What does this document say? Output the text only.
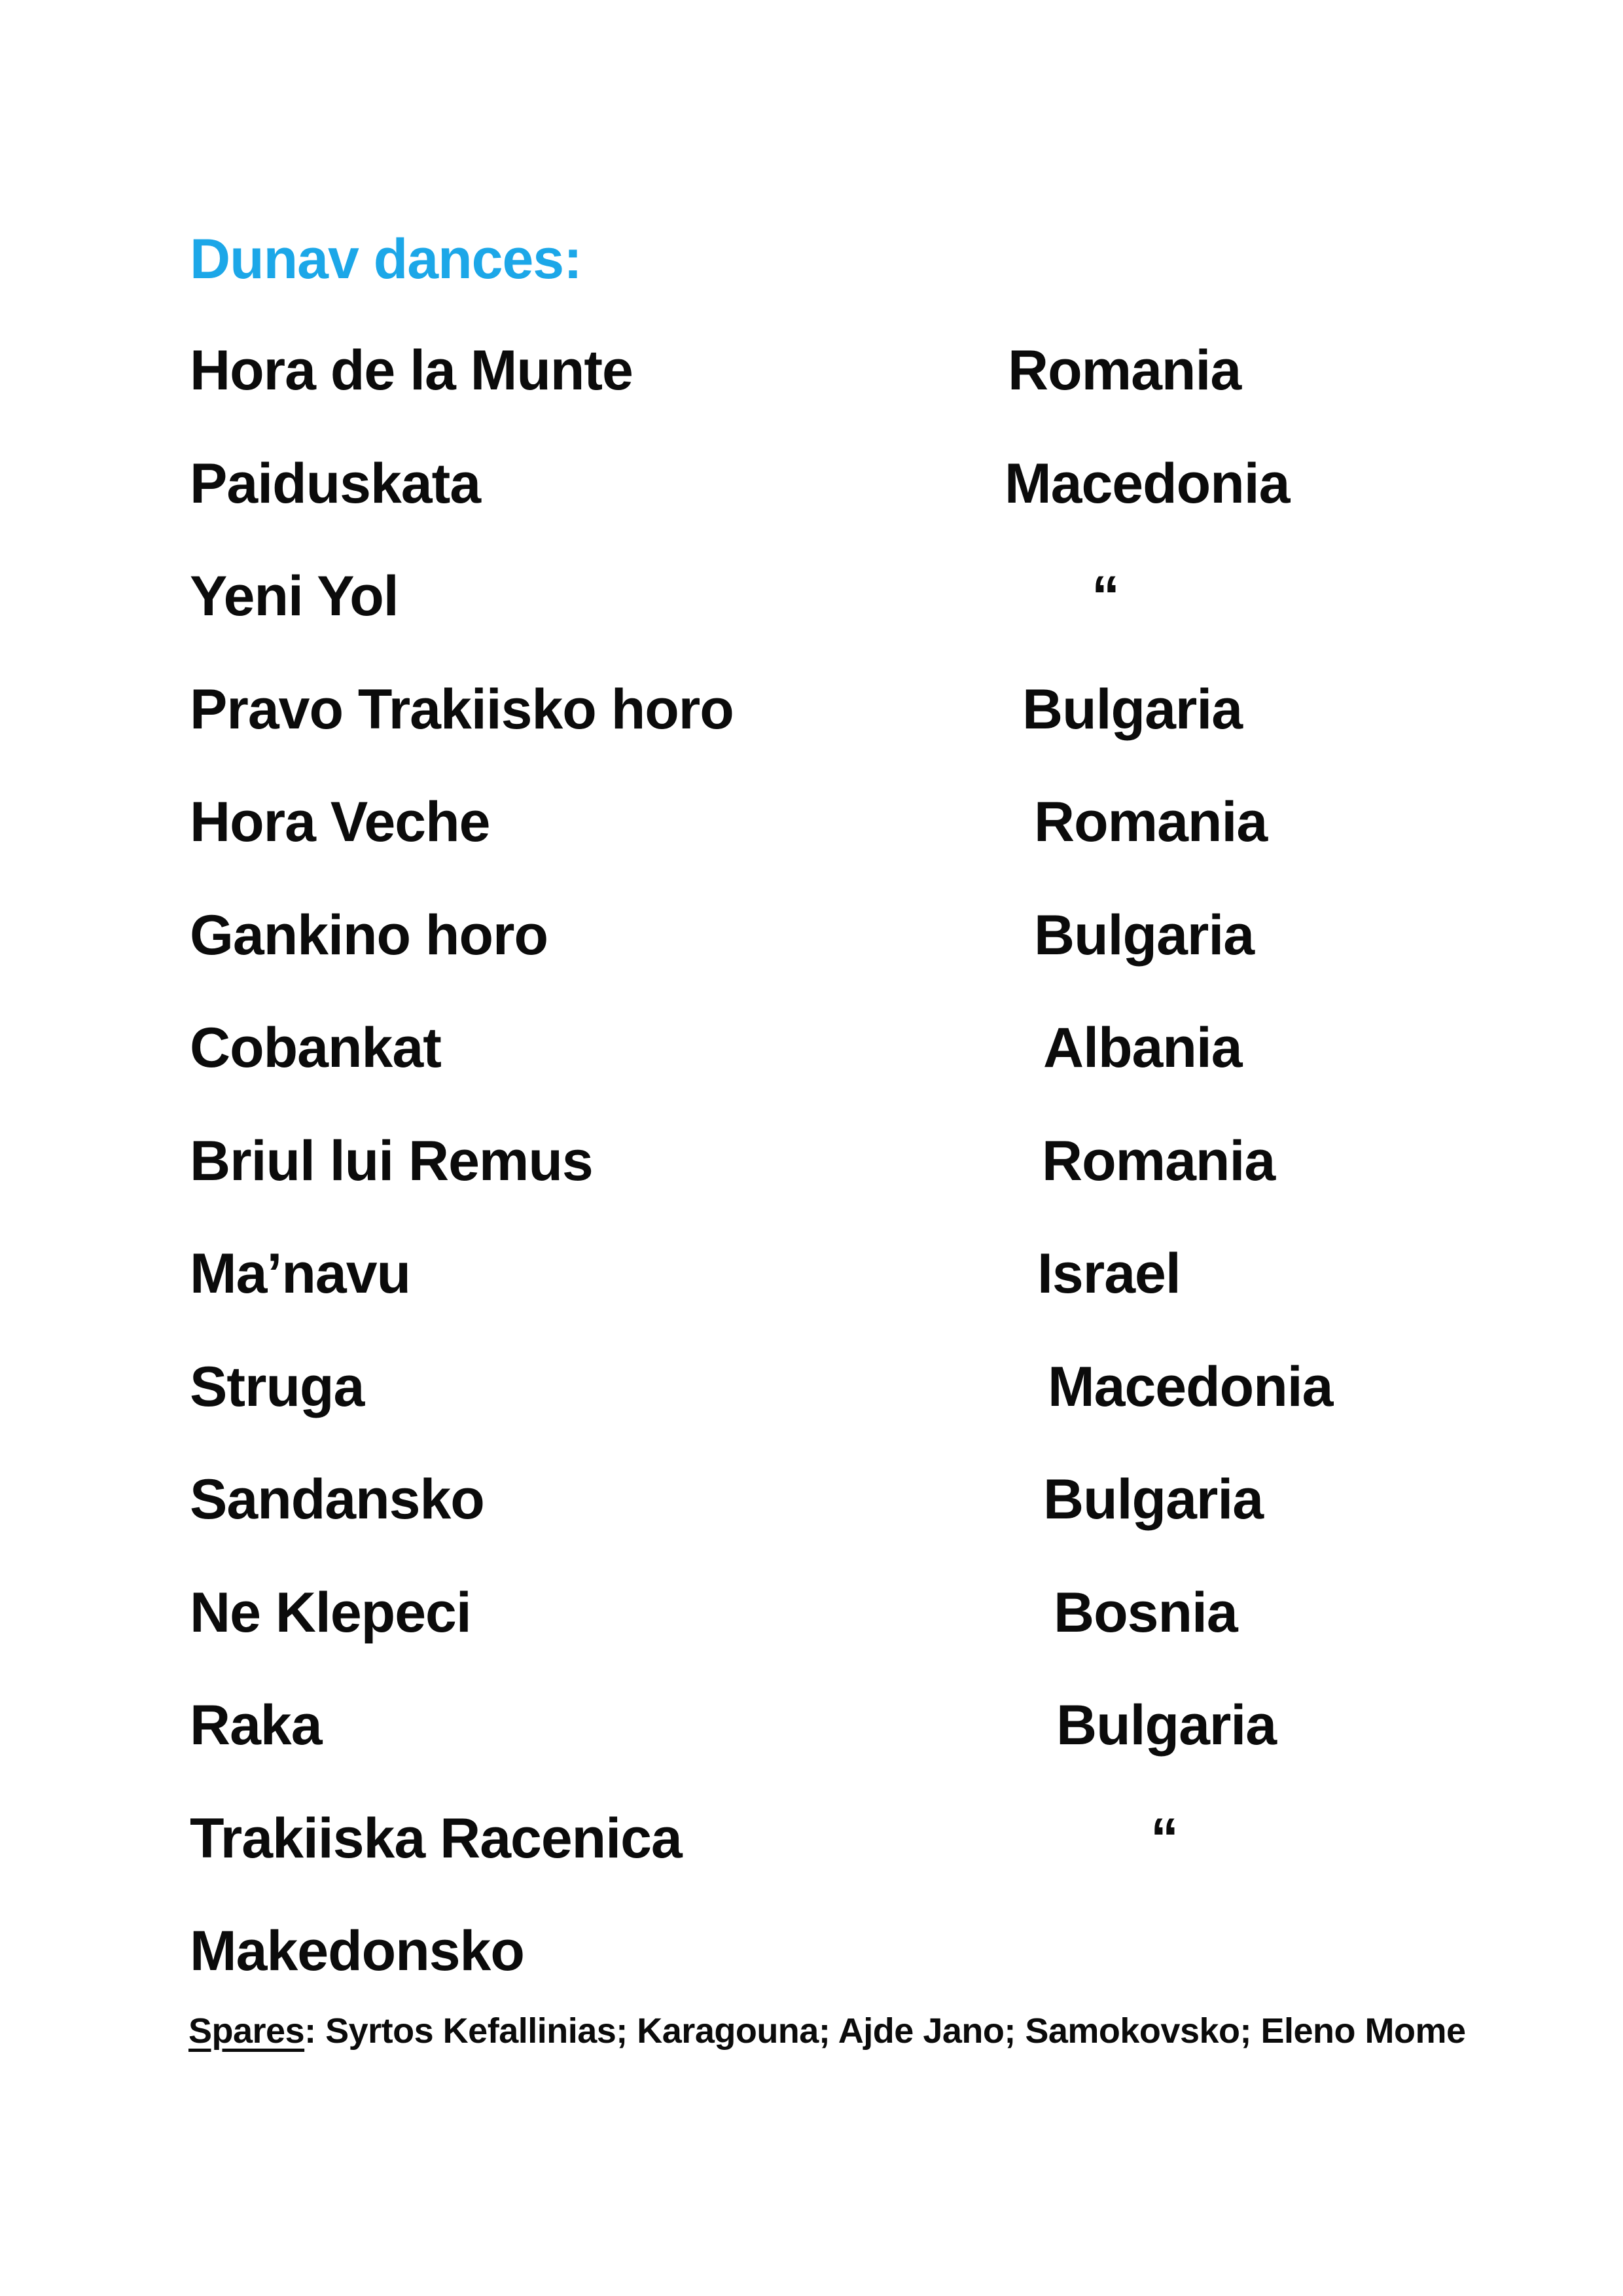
Dunav dances:
Hora de la Munte	Romania
Paiduskata	Macedonia
Yeni Yol	“
Pravo Trakiisko horo	Bulgaria
Hora Veche	Romania
Gankino horo	Bulgaria
Cobankat	Albania
Briul lui Remus	Romania
Ma’navu	Israel
Struga	Macedonia
Sandansko	Bulgaria
Ne Klepeci	Bosnia
Raka	Bulgaria
Trakiiska Racenica	“
Makedonsko
Spares: Syrtos Kefallinias; Karagouna; Ajde Jano; Samokovsko; Eleno Mome
